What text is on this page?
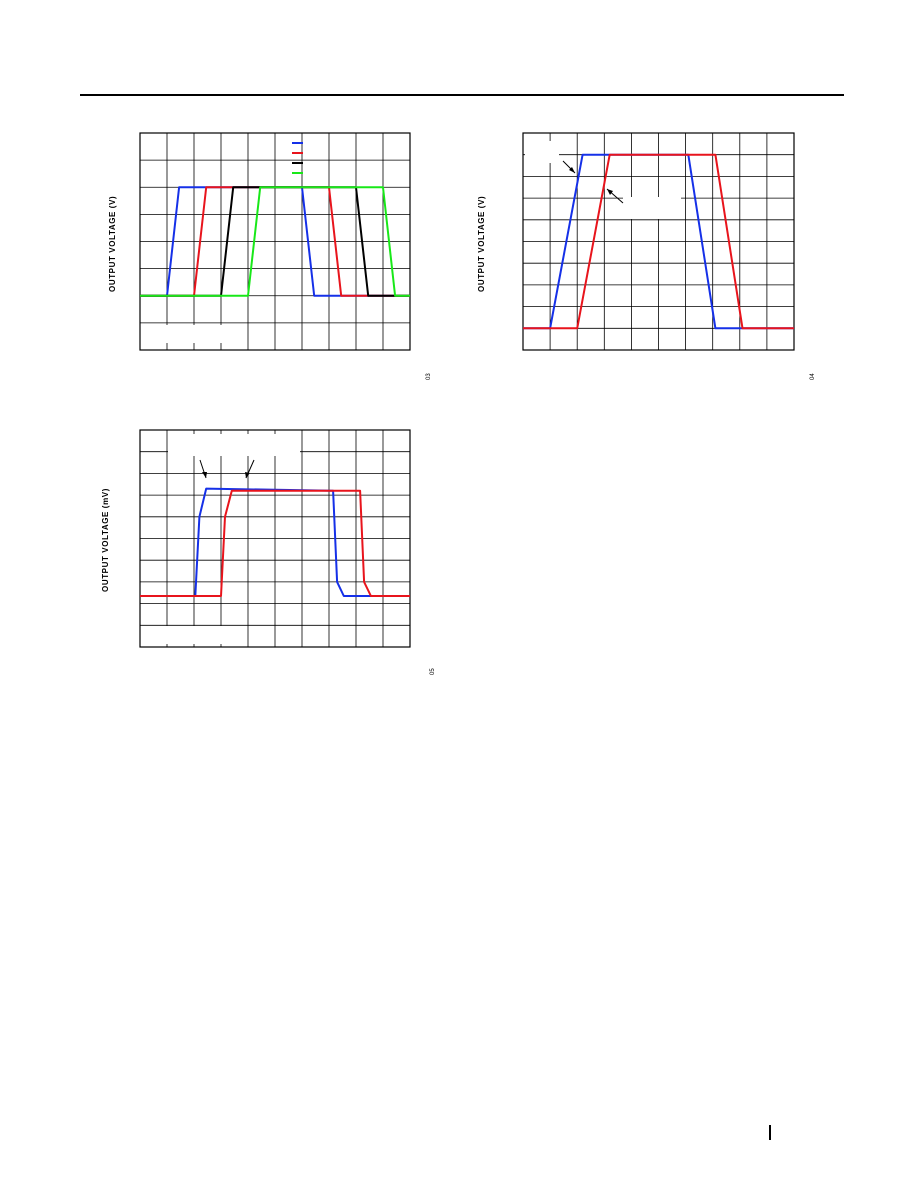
OUTPUT VOLTAGE (V)
03
OUTPUT VOLTAGE (V)
04
OUTPUT VOLTAGE (mV)
05
